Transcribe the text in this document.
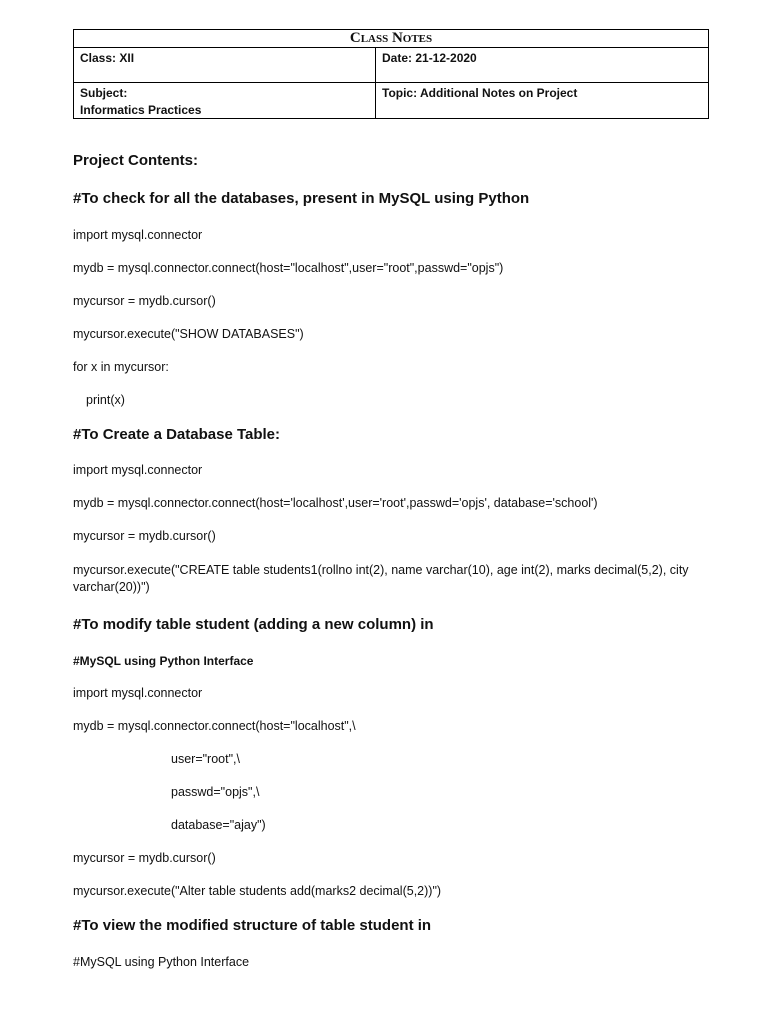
Class Notes
Class: XII	Date: 21-12-2020
Subject:
Informatics Practices
Topic: Additional Notes on Project

Project Contents:

#To check for all the databases, present in MySQL using Python

import mysql.connector

mydb = mysql.connector.connect(host="localhost",user="root",passwd="opjs")

mycursor = mydb.cursor()

mycursor.execute("SHOW DATABASES")

for x in mycursor:

print(x)

#To Create a Database Table:

import mysql.connector

mydb = mysql.connector.connect(host='localhost',user='root',passwd='opjs', database='school')

mycursor = mydb.cursor()

mycursor.execute("CREATE table students1(rollno int(2), name varchar(10), age int(2), marks decimal(5,2), city varchar(20))")

#To modify table student (adding a new column) in

#MySQL using Python Interface

import mysql.connector

mydb = mysql.connector.connect(host="localhost",\

user="root",\

passwd="opjs",\

database="ajay")

mycursor = mydb.cursor()

mycursor.execute("Alter table students add(marks2 decimal(5,2))")

#To view the modified structure of table student in

#MySQL using Python Interface
